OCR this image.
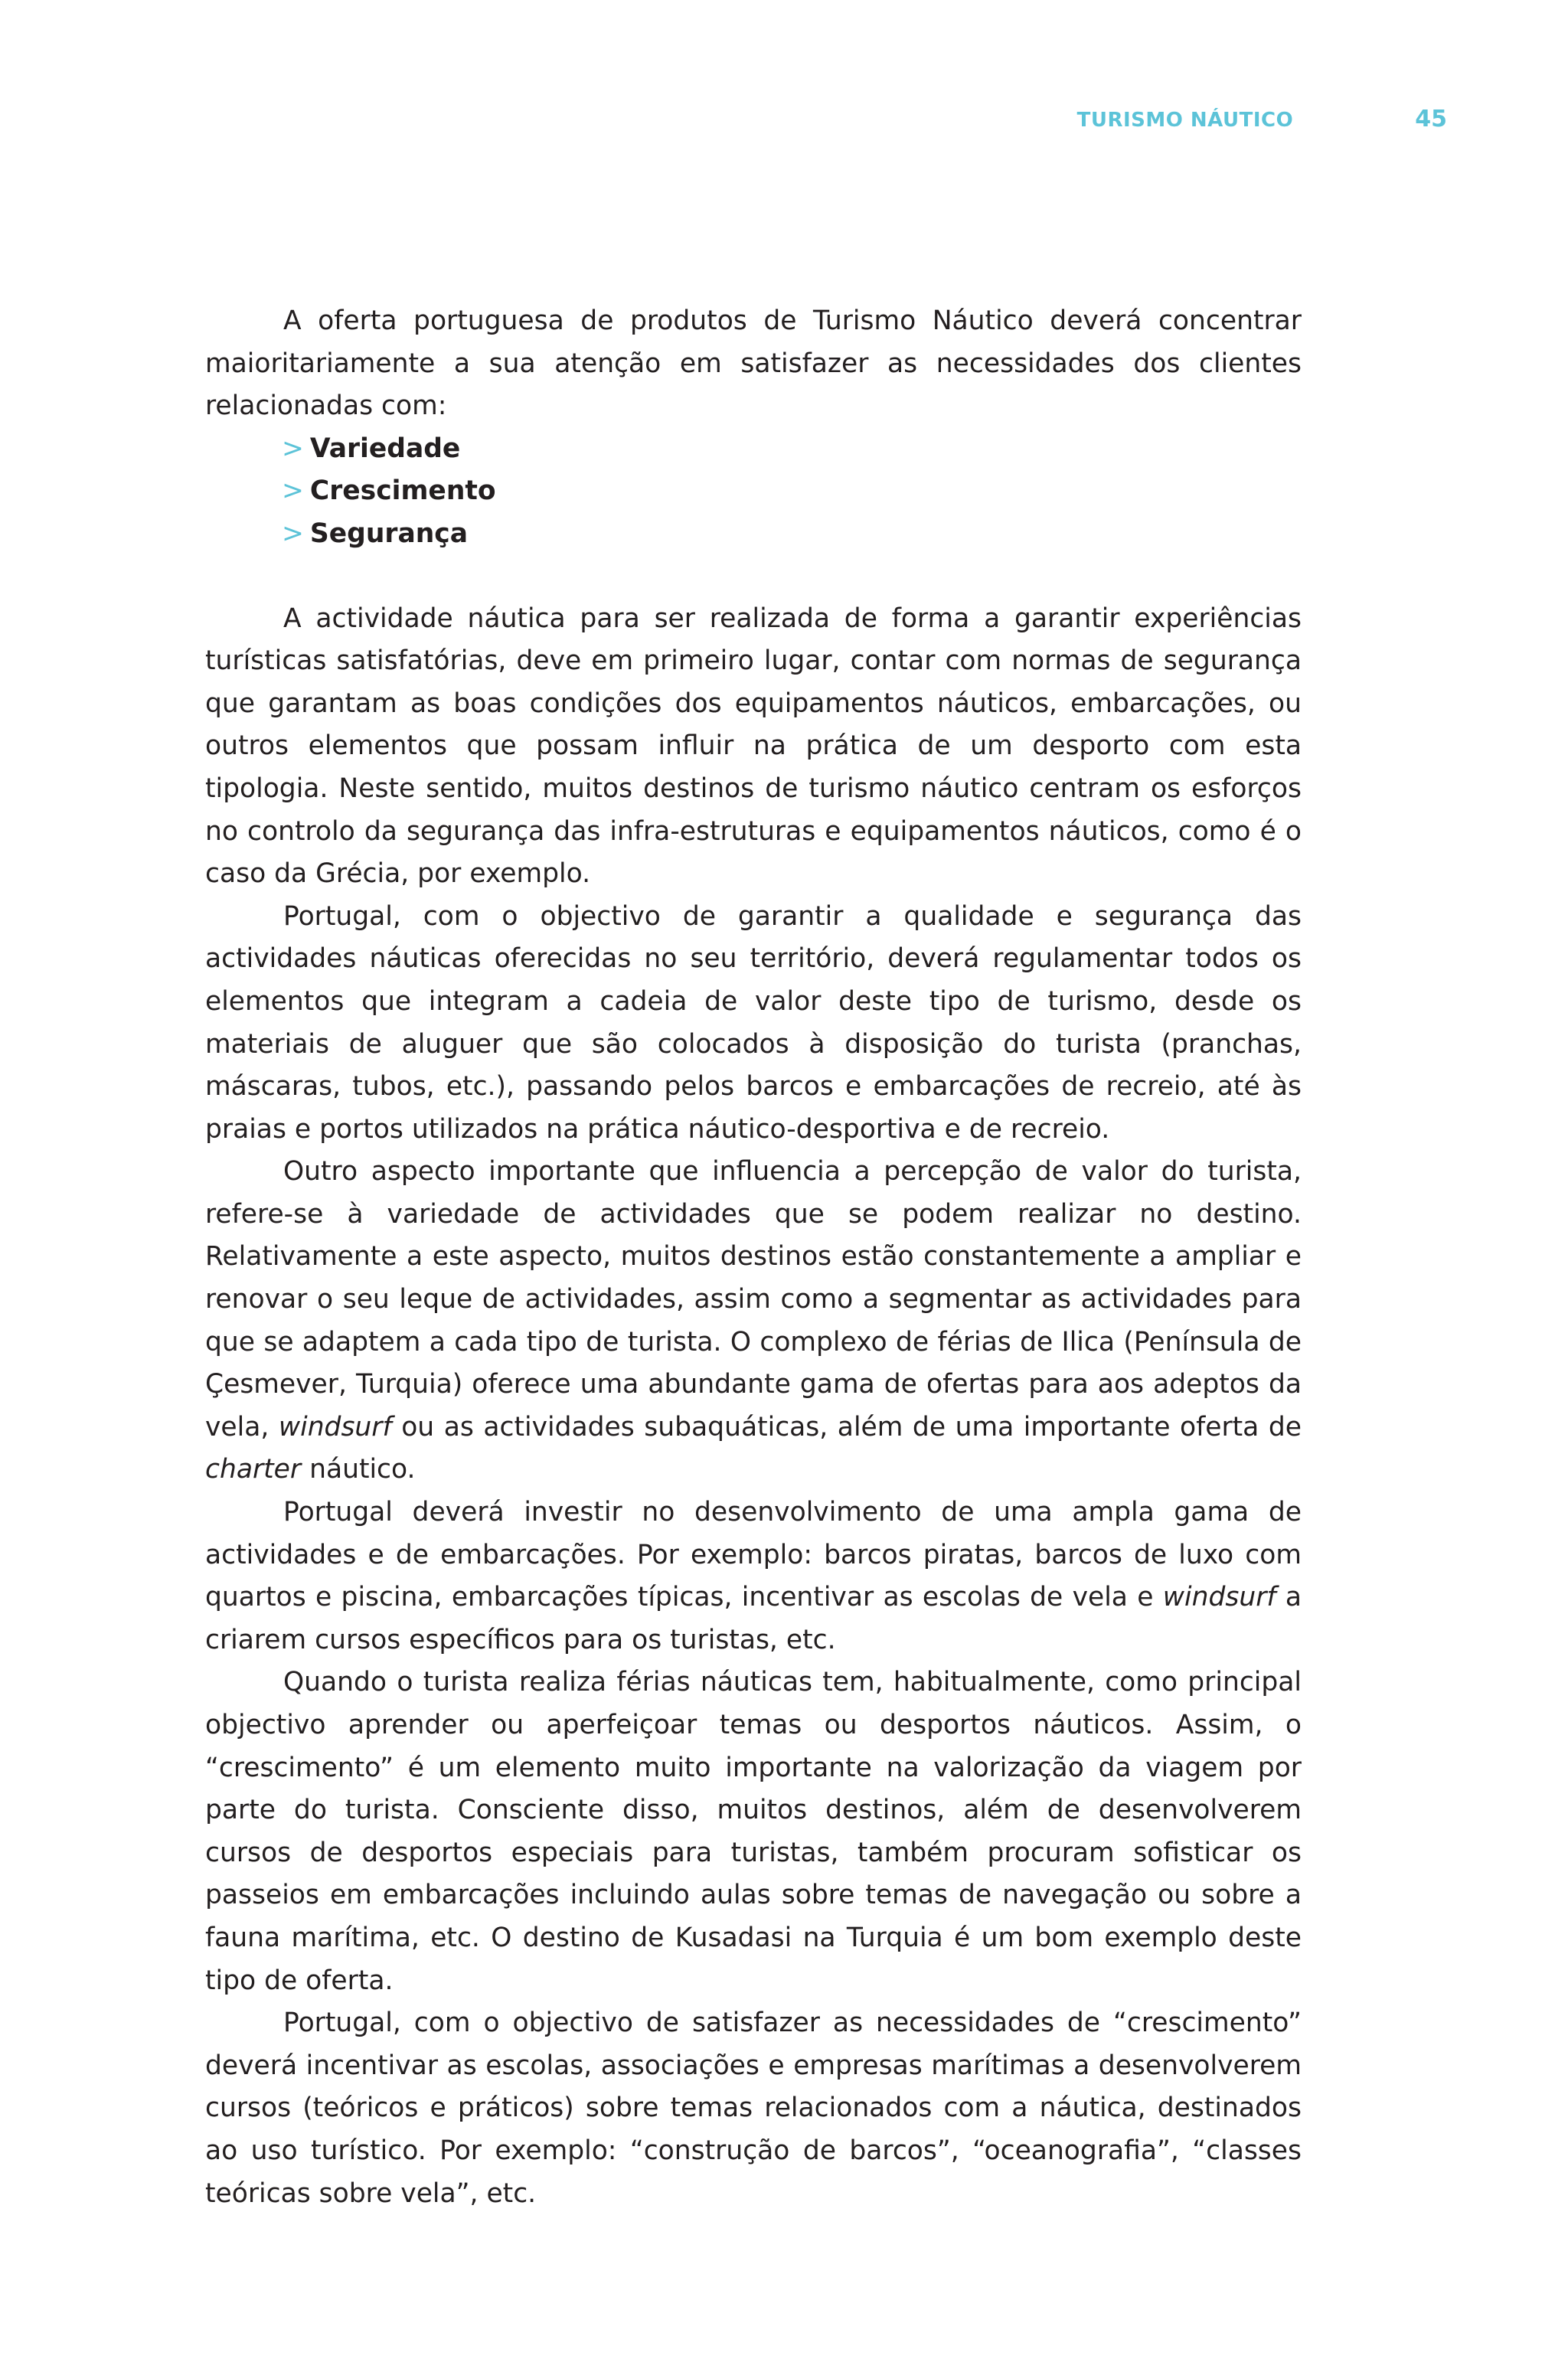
TURISMO NÁUTICO	45

A oferta portuguesa de produtos de Turismo Náutico deverá concentrar maioritariamente a sua atenção em satisfazer as necessidades dos clientes relacionadas com:

> Variedade
> Crescimento
> Segurança

A actividade náutica para ser realizada de forma a garantir experiências turísticas satisfatórias, deve em primeiro lugar, contar com normas de segurança que garantam as boas condições dos equipamentos náuticos, embarcações, ou outros elementos que possam influir na prática de um desporto com esta tipologia. Neste sentido, muitos destinos de turismo náutico centram os esforços no controlo da segurança das infra-estruturas e equipamentos náuticos, como é o caso da Grécia, por exemplo.

Portugal, com o objectivo de garantir a qualidade e segurança das actividades náuticas oferecidas no seu território, deverá regulamentar todos os elementos que integram a cadeia de valor deste tipo de turismo, desde os materiais de aluguer que são colocados à disposição do turista (pranchas, máscaras, tubos, etc.), passando pelos barcos e embarcações de recreio, até às praias e portos utilizados na prática náutico-desportiva e de recreio.

Outro aspecto importante que influencia a percepção de valor do turista, refere-se à variedade de actividades que se podem realizar no destino. Relativamente a este aspecto, muitos destinos estão constantemente a ampliar e renovar o seu leque de actividades, assim como a segmentar as actividades para que se adaptem a cada tipo de turista. O complexo de férias de Ilica (Península de Çesmever, Turquia) oferece uma abundante gama de ofertas para aos adeptos da vela, windsurf ou as actividades subaquáticas, além de uma importante oferta de charter náutico.

Portugal deverá investir no desenvolvimento de uma ampla gama de actividades e de embarcações. Por exemplo: barcos piratas, barcos de luxo com quartos e piscina, embarcações típicas, incentivar as escolas de vela e windsurf a criarem cursos específicos para os turistas, etc.

Quando o turista realiza férias náuticas tem, habitualmente, como principal objectivo aprender ou aperfeiçoar temas ou desportos náuticos. Assim, o “crescimento” é um elemento muito importante na valorização da viagem por parte do turista. Consciente disso, muitos destinos, além de desenvolverem cursos de desportos especiais para turistas, também procuram sofisticar os passeios em embarcações incluindo aulas sobre temas de navegação ou sobre a fauna marítima, etc. O destino de Kusadasi na Turquia é um bom exemplo deste tipo de oferta.

Portugal, com o objectivo de satisfazer as necessidades de “crescimento” deverá incentivar as escolas, associações e empresas marítimas a desenvolverem cursos (teóricos e práticos) sobre temas relacionados com a náutica, destinados ao uso turístico. Por exemplo: “construção de barcos”, “oceanografia”, “classes teóricas sobre vela”, etc.
